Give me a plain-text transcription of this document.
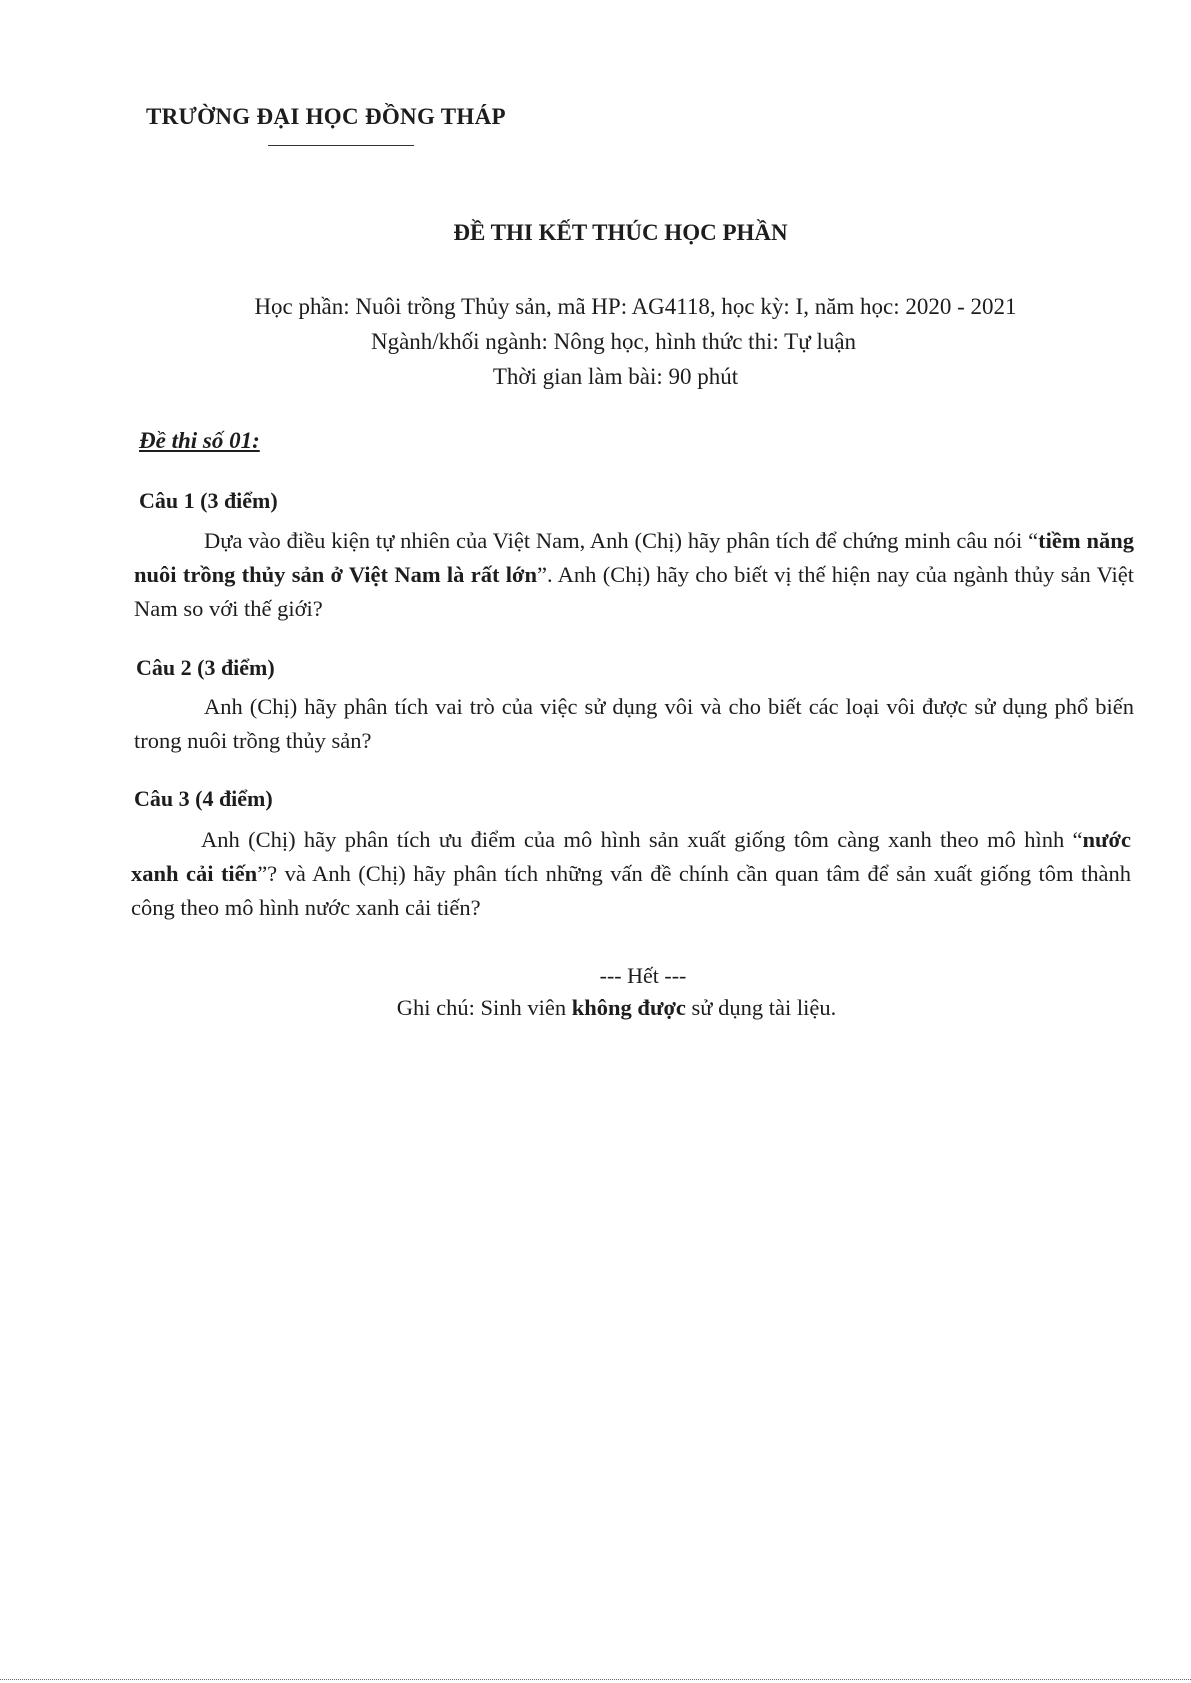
TRƯỜNG ĐẠI HỌC ĐỒNG THÁP
ĐỀ THI KẾT THÚC HỌC PHẦN
Học phần: Nuôi trồng Thủy sản, mã HP: AG4118, học kỳ: I, năm học: 2020 - 2021
Ngành/khối ngành: Nông học, hình thức thi: Tự luận
Thời gian làm bài: 90 phút
Đề thi số 01:
Câu 1 (3 điểm)
Dựa vào điều kiện tự nhiên của Việt Nam, Anh (Chị) hãy phân tích để chứng minh câu nói “tiềm năng nuôi trồng thủy sản ở Việt Nam là rất lớn”. Anh (Chị) hãy cho biết vị thế hiện nay của ngành thủy sản Việt Nam so với thế giới?
Câu 2 (3 điểm)
Anh (Chị) hãy phân tích vai trò của việc sử dụng vôi và cho biết các loại vôi được sử dụng phổ biến trong nuôi trồng thủy sản?
Câu 3 (4 điểm)
Anh (Chị) hãy phân tích ưu điểm của mô hình sản xuất giống tôm càng xanh theo mô hình “nước xanh cải tiến”? và Anh (Chị) hãy phân tích những vấn đề chính cần quan tâm để sản xuất giống tôm thành công theo mô hình nước xanh cải tiến?
--- Hết ---
Ghi chú: Sinh viên không được sử dụng tài liệu.
